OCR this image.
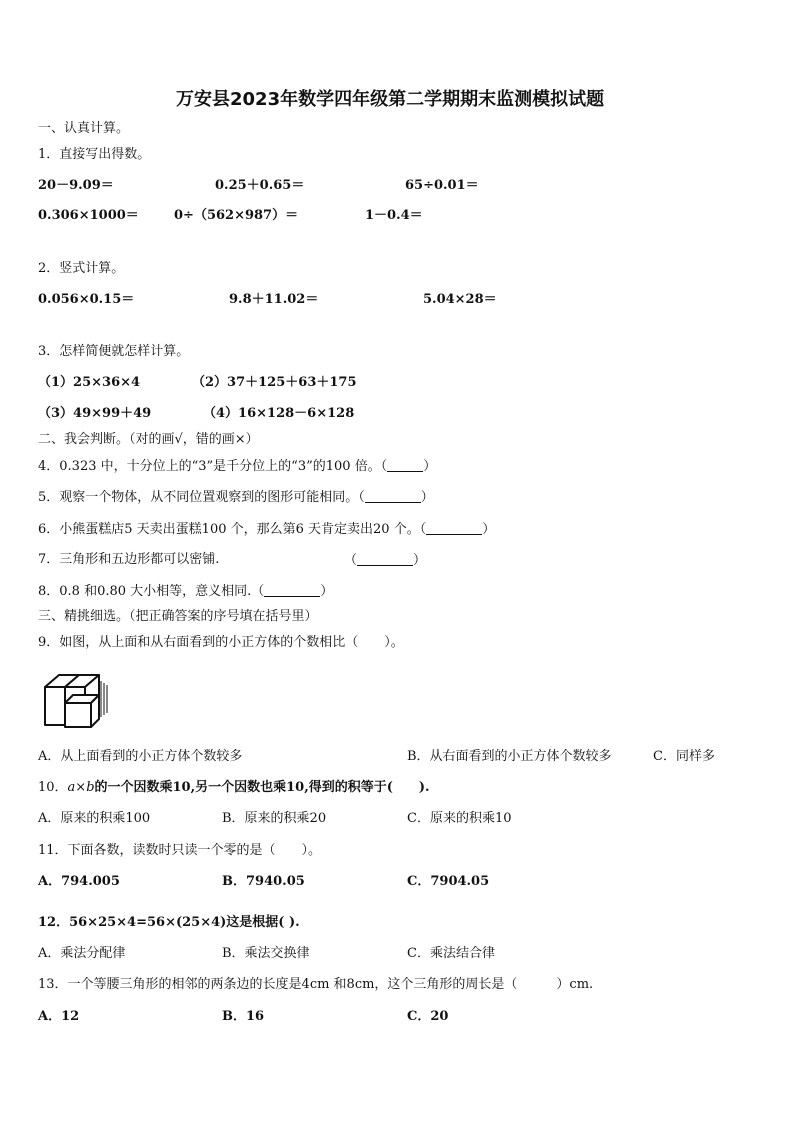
万安县2023年数学四年级第二学期期末监测模拟试题
一、认真计算。
1．直接写出得数。
20－9.09＝	0.25＋0.65＝	65÷0.01＝
0.306×1000＝	0÷（562×987）＝	1－0.4＝
2．竖式计算。
0.056×0.15＝	9.8＋11.02＝	5.04×28＝
3．怎样简便就怎样计算。
（1）25×36×4	（2）37＋125＋63＋175
（3）49×99＋49	（4）16×128－6×128
二、我会判断。（对的画√，错的画×）
4．0.323 中，十分位上的“3”是千分位上的“3”的100 倍。（	）
5．观察一个物体，从不同位置观察到的图形可能相同。（	）
6．小熊蛋糕店5 天卖出蛋糕100 个，那么第6 天肯定卖出20 个。（	）
7．三角形和五边形都可以密铺.	（	）
8．0.8 和0.80 大小相等，意义相同.（	）
三、精挑细选。（把正确答案的序号填在括号里）
9．如图，从上面和从右面看到的小正方体的个数相比（　　）。
A．从上面看到的小正方体个数较多	B．从右面看到的小正方体个数较多	C．同样多
10．a×b的一个因数乘10,另一个因数也乘10,得到的积等于(　　).
A．原来的积乘100	B．原来的积乘20	C．原来的积乘10
11．下面各数，读数时只读一个零的是（　　）。
A．794.005	B．7940.05	C．7904.05
12．56×25×4=56×(25×4)这是根据( ).
A．乘法分配律	B．乘法交换律	C．乘法结合律
13．一个等腰三角形的相邻的两条边的长度是4cm 和8cm，这个三角形的周长是（　　　）cm.
A．12	B．16	C．20
